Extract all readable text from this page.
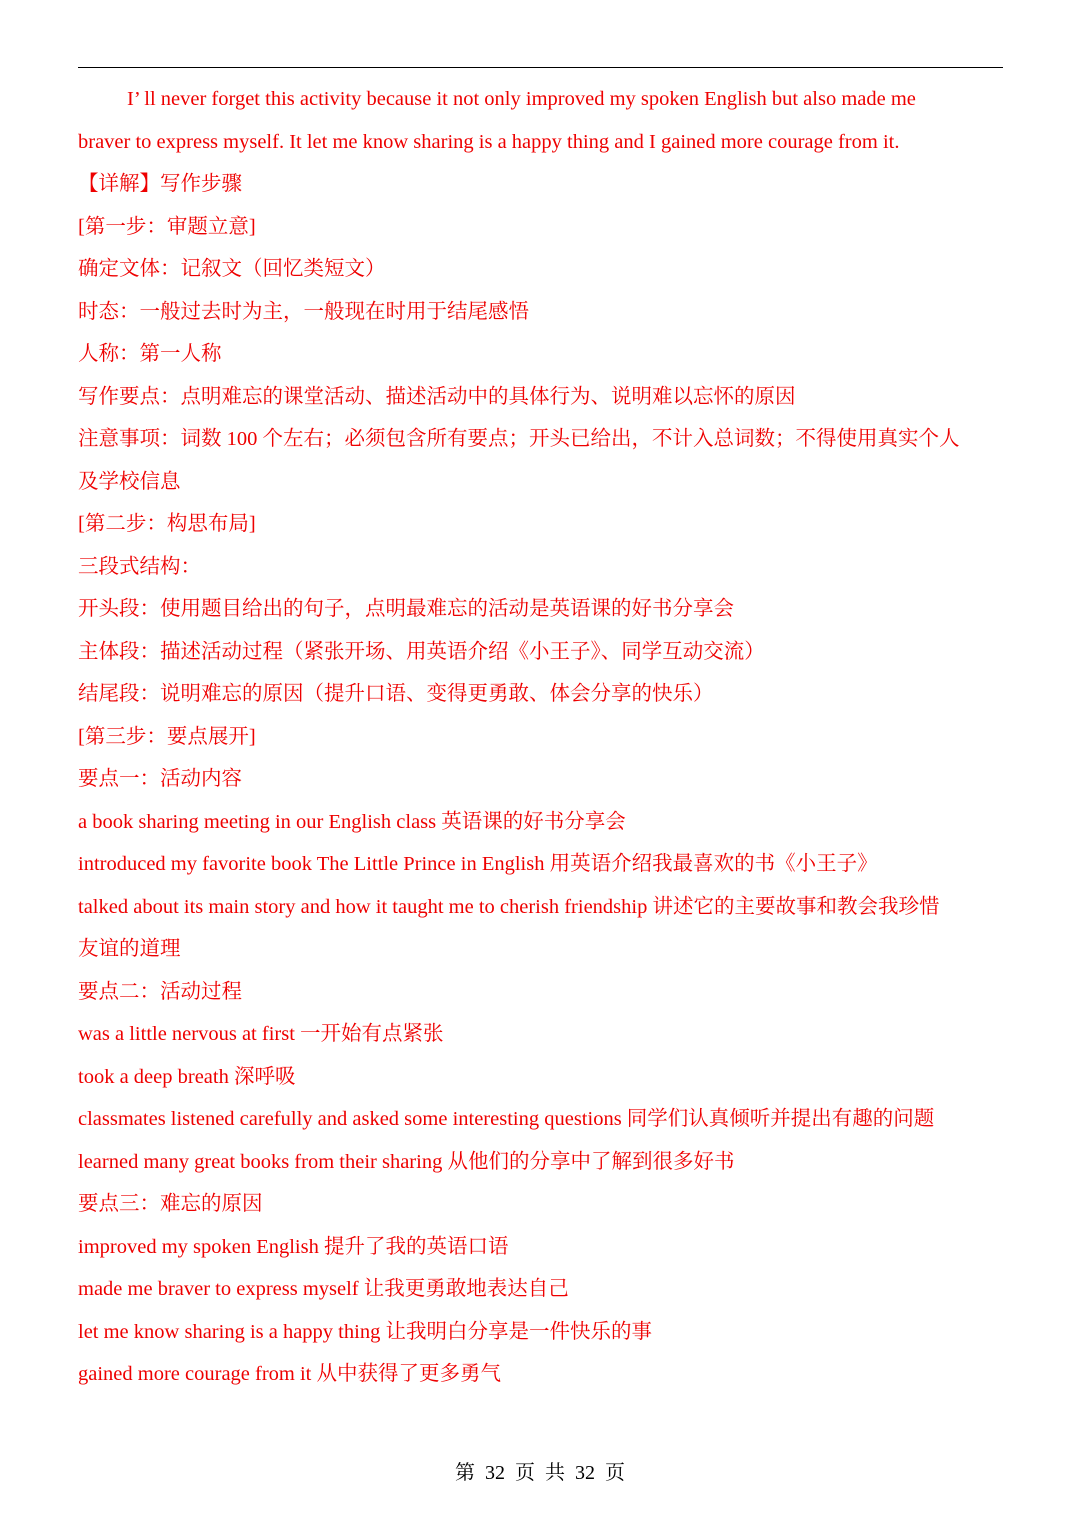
I’ ll never forget this activity because it not only improved my spoken English but also made me
braver to express myself. It let me know sharing is a happy thing and I gained more courage from it.
【详解】写作步骤
[第一步：审题立意]
确定文体：记叙文（回忆类短文）
时态：一般过去时为主，一般现在时用于结尾感悟
人称：第一人称
写作要点：点明难忘的课堂活动、描述活动中的具体行为、说明难以忘怀的原因
注意事项：词数 100 个左右；必须包含所有要点；开头已给出，不计入总词数；不得使用真实个人
及学校信息
[第二步：构思布局]
三段式结构：
开头段：使用题目给出的句子，点明最难忘的活动是英语课的好书分享会
主体段：描述活动过程（紧张开场、用英语介绍《小王子》、同学互动交流）
结尾段：说明难忘的原因（提升口语、变得更勇敢、体会分享的快乐）
[第三步：要点展开]
要点一：活动内容
a book sharing meeting in our English class 英语课的好书分享会
introduced my favorite book The Little Prince in English 用英语介绍我最喜欢的书《小王子》
talked about its main story and how it taught me to cherish friendship 讲述它的主要故事和教会我珍惜
友谊的道理
要点二：活动过程
was a little nervous at first 一开始有点紧张
took a deep breath 深呼吸
classmates listened carefully and asked some interesting questions 同学们认真倾听并提出有趣的问题
learned many great books from their sharing 从他们的分享中了解到很多好书
要点三：难忘的原因
improved my spoken English 提升了我的英语口语
made me braver to express myself 让我更勇敢地表达自己
let me know sharing is a happy thing 让我明白分享是一件快乐的事
gained more courage from it 从中获得了更多勇气
第  32  页  共  32  页
